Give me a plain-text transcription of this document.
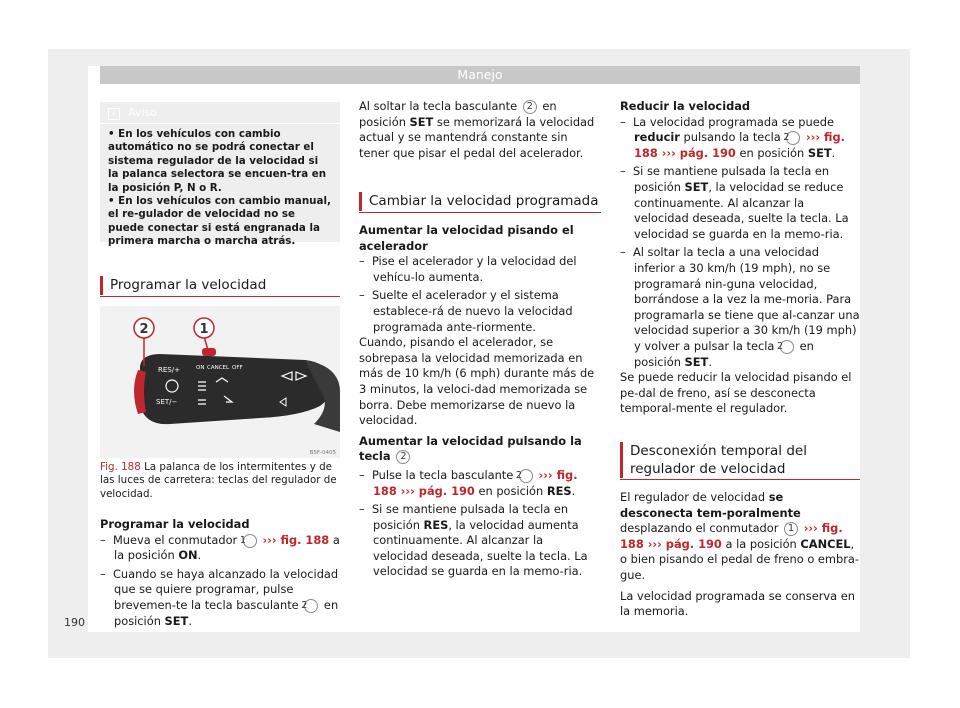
Manejo
i Aviso

• En los vehículos con cambio automático no se podrá conectar el sistema regulador de la velocidad si la palanca selectora se encuen-tra en la posición P, N o R.

• En los vehículos con cambio manual, el re-gulador de velocidad no se puede conectar si está engranada la primera marcha o marcha atrás.

Programar la velocidad
RES/+
SET/−
ON CANCEL OFF
2	1
B5F-0405
Fig. 188 La palanca de los intermitentes y de las luces de carretera: teclas del regulador de velocidad.

Programar la velocidad

–  Mueva el conmutador 1 ››› fig. 188 a la posición ON.

–  Cuando se haya alcanzado la velocidad que se quiere programar, pulse brevemen-te la tecla basculante 2 en posición SET.

Al soltar la tecla basculante 2 en posición SET se memorizará la velocidad actual y se mantendrá constante sin tener que pisar el pedal del acelerador.

Cambiar la velocidad programada

Aumentar la velocidad pisando el acelerador

–  Pise el acelerador y la velocidad del vehícu-lo aumenta.

–  Suelte el acelerador y el sistema establece-rá de nuevo la velocidad programada ante-riormente.

Cuando, pisando el acelerador, se sobrepasa la velocidad memorizada en más de 10 km/h (6 mph) durante más de 3 minutos, la veloci-dad memorizada se borra. Debe memorizarse de nuevo la velocidad.

Aumentar la velocidad pulsando la tecla 2

–  Pulse la tecla basculante 2 ››› fig. 188 ››› pág. 190 en posición RES.

–  Si se mantiene pulsada la tecla en posición RES, la velocidad aumenta continuamente. Al alcanzar la velocidad deseada, suelte la tecla. La velocidad se guarda en la memo-ria.

Reducir la velocidad

–  La velocidad programada se puede reducir pulsando la tecla 2 ››› fig. 188 ››› pág. 190 en posición SET.

–  Si se mantiene pulsada la tecla en posición SET, la velocidad se reduce continuamente. Al alcanzar la velocidad deseada, suelte la tecla. La velocidad se guarda en la memo-ria.

–  Al soltar la tecla a una velocidad inferior a 30 km/h (19 mph), no se programará nin-guna velocidad, borrándose a la vez la me-moria. Para programarla se tiene que al-canzar una velocidad superior a 30 km/h (19 mph) y volver a pulsar la tecla 2 en posición SET.

Se puede reducir la velocidad pisando el pe-dal de freno, así se desconecta temporal-mente el regulador.

Desconexión temporal del regulador de velocidad

El regulador de velocidad se desconecta tem-poralmente desplazando el conmutador 1 ››› fig. 188 ››› pág. 190 a la posición CANCEL, o bien pisando el pedal de freno o embra-gue.

La velocidad programada se conserva en la memoria.

190
